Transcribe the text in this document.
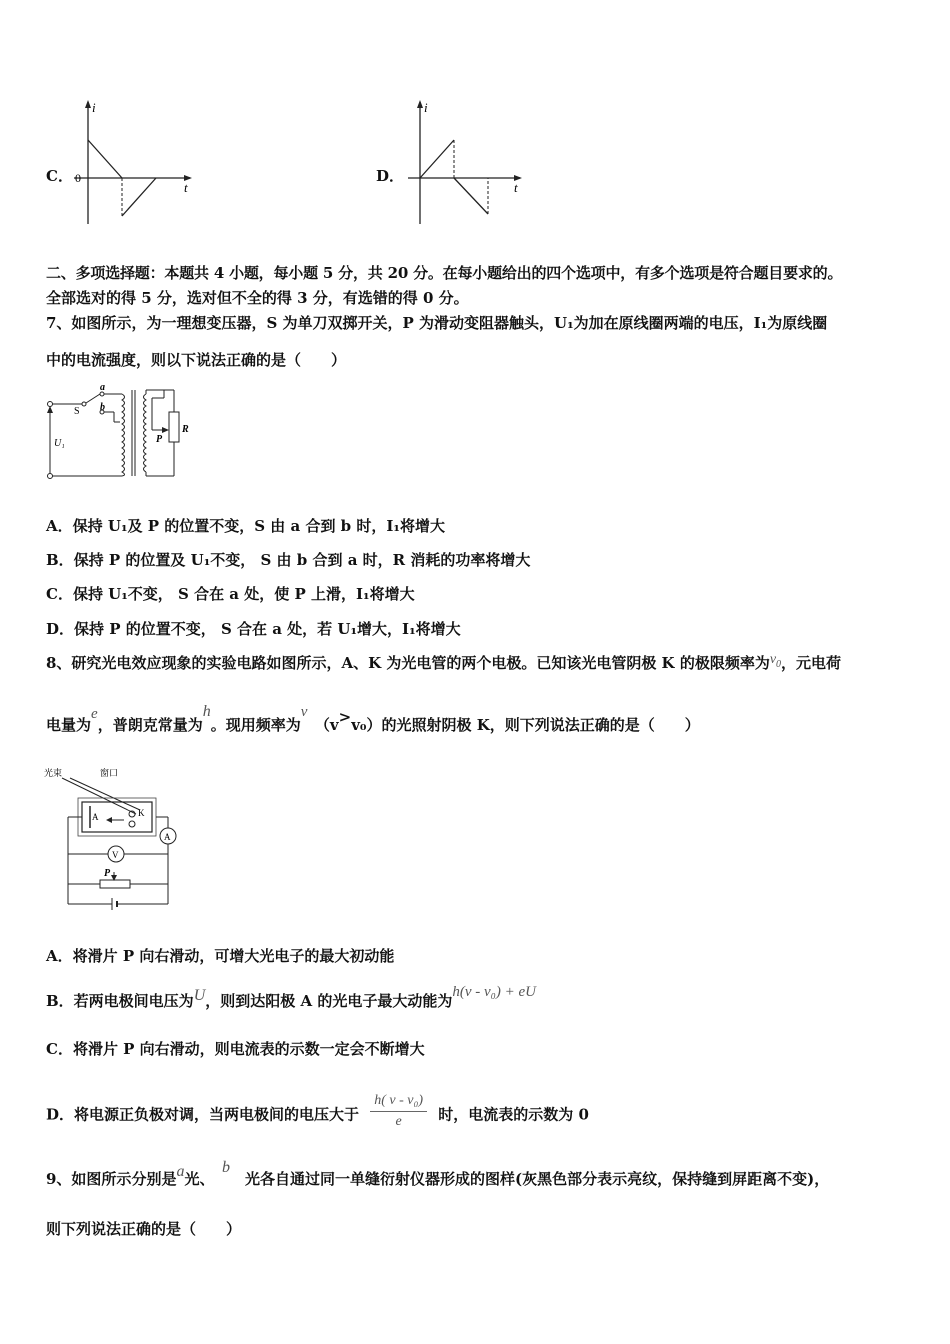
C．
i
t
0	D．
i
t
二、多项选择题：本题共 4 小题，每小题 5 分，共 20 分。在每小题给出的四个选项中，有多个选项是符合题目要求的。
全部选对的得 5 分，选对但不全的得 3 分，有选错的得 0 分。
7、如图所示，为一理想变压器，S 为单刀双掷开关，P 为滑动变阻器触头，U₁为加在原线圈两端的电压，I₁为原线圈
中的电流强度，则以下说法正确的是（　　）
a
b
S
U₁	P
R
A．保持 U₁及 P 的位置不变，S 由 a 合到 b 时，I₁将增大
B．保持 P 的位置及 U₁不变， S 由 b 合到 a 时，R 消耗的功率将增大
C．保持 U₁不变， S 合在 a 处，使 P 上滑，I₁将增大
D．保持 P 的位置不变， S 合在 a 处，若 U₁增大，I₁将增大
8、研究光电效应现象的实验电路如图所示，A、K 为光电管的两个电极。已知该光电管阴极 K 的极限频率为$\nu_0$，元电荷
电量为e，普朗克常量为h。现用频率为ν　（v>v₀）的光照射阴极 K，则下列说法正确的是（　　）
光束	窗口
A	K
A
V
P
A．将滑片 P 向右滑动，可增大光电子的最大初动能
B．若两电极间电压为U，则到达阳极 A 的光电子最大动能为h(ν - ν₀) + eU
C．将滑片 P 向右滑动，则电流表的示数一定会不断增大
D．将电源正负极对调，当两电极间的电压大于 $\frac{\text{h( ν - ν₀)}}{e}$ 时，电流表的示数为 0
9、如图所示分别是a光、　b　光各自通过同一单缝衍射仪器形成的图样(灰黑色部分表示亮纹，保持缝到屏距离不变)，
则下列说法正确的是（　　）
